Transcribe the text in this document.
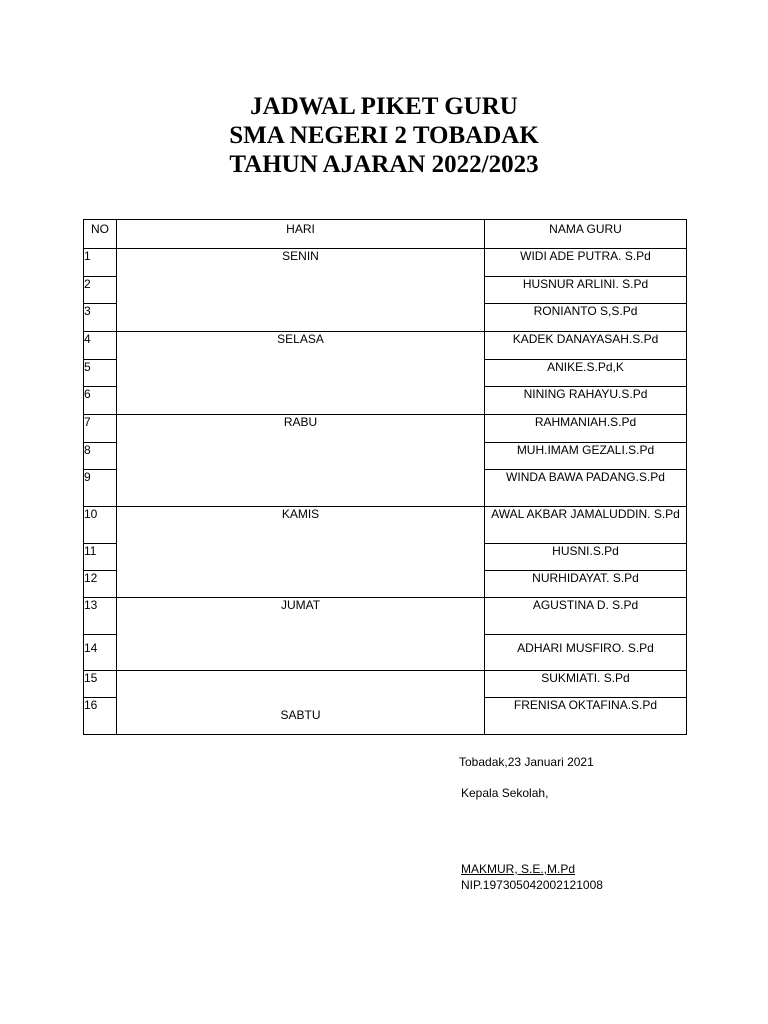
JADWAL PIKET GURU
SMA NEGERI 2 TOBADAK
TAHUN AJARAN 2022/2023
NO	HARI	NAMA GURU
1	SENIN	WIDI ADE PUTRA. S.Pd
2		HUSNUR ARLINI. S.Pd
3		RONIANTO S,S.Pd
4	SELASA	KADEK DANAYASAH.S.Pd
5		ANIKE.S.Pd,K
6		NINING RAHAYU.S.Pd
7	RABU	RAHMANIAH.S.Pd
8		MUH.IMAM GEZALI.S.Pd
9		WINDA BAWA PADANG.S.Pd
10	KAMIS	AWAL AKBAR JAMALUDDIN. S.Pd
11		HUSNI.S.Pd
12		NURHIDAYAT. S.Pd
13	JUMAT	AGUSTINA D. S.Pd
14		ADHARI MUSFIRO. S.Pd
15	SABTU	SUKMIATI. S.Pd
16		FRENISA OKTAFINA.S.Pd
Tobadak,23 Januari 2021
Kepala Sekolah,
MAKMUR, S.E.,M.Pd
NIP.197305042002121008
